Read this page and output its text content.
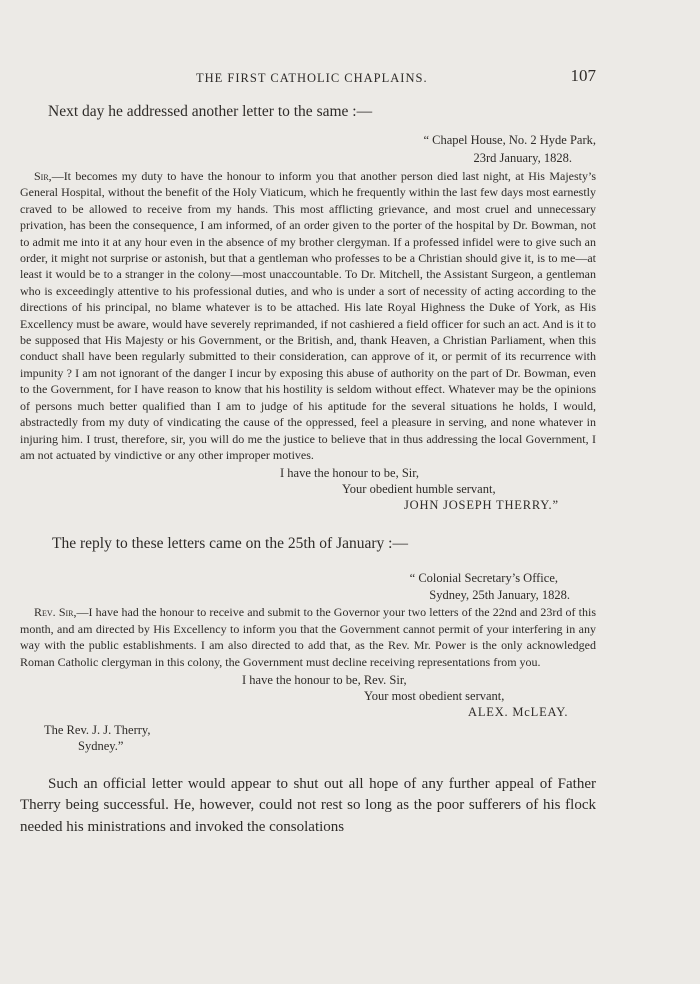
THE FIRST CATHOLIC CHAPLAINS.	107

Next day he addressed another letter to the same :—

“ Chapel House, No. 2 Hyde Park,

23rd January, 1828.

Sir,—It becomes my duty to have the honour to inform you that another person died last night, at His Majesty’s General Hospital, without the benefit of the Holy Viaticum, which he frequently within the last few days most earnestly craved to be allowed to receive from my hands. This most afflicting grievance, and most cruel and unnecessary privation, has been the consequence, I am informed, of an order given to the porter of the hospital by Dr. Bowman, not to admit me into it at any hour even in the absence of my brother clergyman. If a professed infidel were to give such an order, it might not surprise or astonish, but that a gentleman who professes to be a Christian should give it, is to me—at least it would be to a stranger in the colony—most unaccountable. To Dr. Mitchell, the Assistant Surgeon, a gentleman who is exceedingly attentive to his professional duties, and who is under a sort of necessity of acting according to the directions of his principal, no blame whatever is to be attached. His late Royal Highness the Duke of York, as His Excellency must be aware, would have severely reprimanded, if not cashiered a field officer for such an act. And is it to be supposed that His Majesty or his Government, or the British, and, thank Heaven, a Christian Parliament, when this conduct shall have been regularly submitted to their consideration, can approve of it, or permit of its recurrence with impunity ? I am not ignorant of the danger I incur by exposing this abuse of authority on the part of Dr. Bowman, even to the Government, for I have reason to know that his hostility is seldom without effect. Whatever may be the opinions of persons much better qualified than I am to judge of his aptitude for the several situations he holds, I would, abstractedly from my duty of vindicating the cause of the oppressed, feel a pleasure in serving, and none whatever in injuring him. I trust, therefore, sir, you will do me the justice to believe that in thus addressing the local Government, I am not actuated by vindictive or any other improper motives.

I have the honour to be, Sir,

Your obedient humble servant,

JOHN JOSEPH THERRY.”

The reply to these letters came on the 25th of January :—

“ Colonial Secretary’s Office,

Sydney, 25th January, 1828.

Rev. Sir,—I have had the honour to receive and submit to the Governor your two letters of the 22nd and 23rd of this month, and am directed by His Excellency to inform you that the Government cannot permit of your interfering in any way with the public establishments. I am also directed to add that, as the Rev. Mr. Power is the only acknowledged Roman Catholic clergyman in this colony, the Government must decline receiving representations from you.

I have the honour to be, Rev. Sir,

Your most obedient servant,

ALEX. McLEAY.

The Rev. J. J. Therry,

Sydney.”

Such an official letter would appear to shut out all hope of any further appeal of Father Therry being successful. He, however, could not rest so long as the poor sufferers of his flock needed his ministrations and invoked the consolations
